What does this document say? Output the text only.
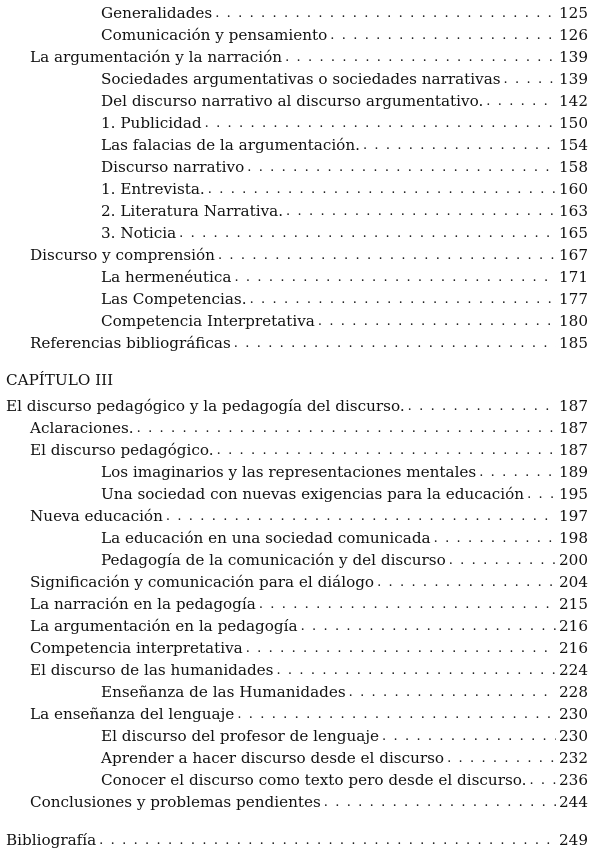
Generalidades . . .	125
Comunicación y pensamiento . . .	126
La argumentación y la narración . . .	139
Sociedades argumentativas o sociedades narrativas . . .	139
Del discurso narrativo al discurso argumentativo. . . .	142
1. Publicidad . . .	150
Las falacias de la argumentación. . . .	154
Discurso narrativo . . .	158
1. Entrevista. . . .	160
2. Literatura Narrativa. . . .	163
3. Noticia . . .	165
Discurso y comprensión . . .	167
La hermenéutica . . .	171
Las Competencias. . . .	177
Competencia Interpretativa . . .	180
Referencias bibliográficas . . .	185
CAPÍTULO III
El discurso pedagógico y la pedagogía del discurso. . . .	187
Aclaraciones. . . .	187
El discurso pedagógico. . . .	187
Los imaginarios y las representaciones mentales . . .	189
Una sociedad con nuevas exigencias para la educación . . . 195
Nueva educación . . .	197
La educación en una sociedad comunicada . . .	198
Pedagogía de la comunicación y del discurso . . .	200
Significación y comunicación para el diálogo . . .	204
La narración en la pedagogía . . .	215
La argumentación en la pedagogía . . .	216
Competencia interpretativa . . .	216
El discurso de las humanidades . . .	224
Enseñanza de las Humanidades . . .	228
La enseñanza del lenguaje . . .	230
El discurso del profesor de lenguaje . . .	230
Aprender a hacer discurso desde el discurso . . .	232
Conocer el discurso como texto pero desde el discurso. . . . 236
Conclusiones y problemas pendientes . . .	244
Bibliografía . . .	249
